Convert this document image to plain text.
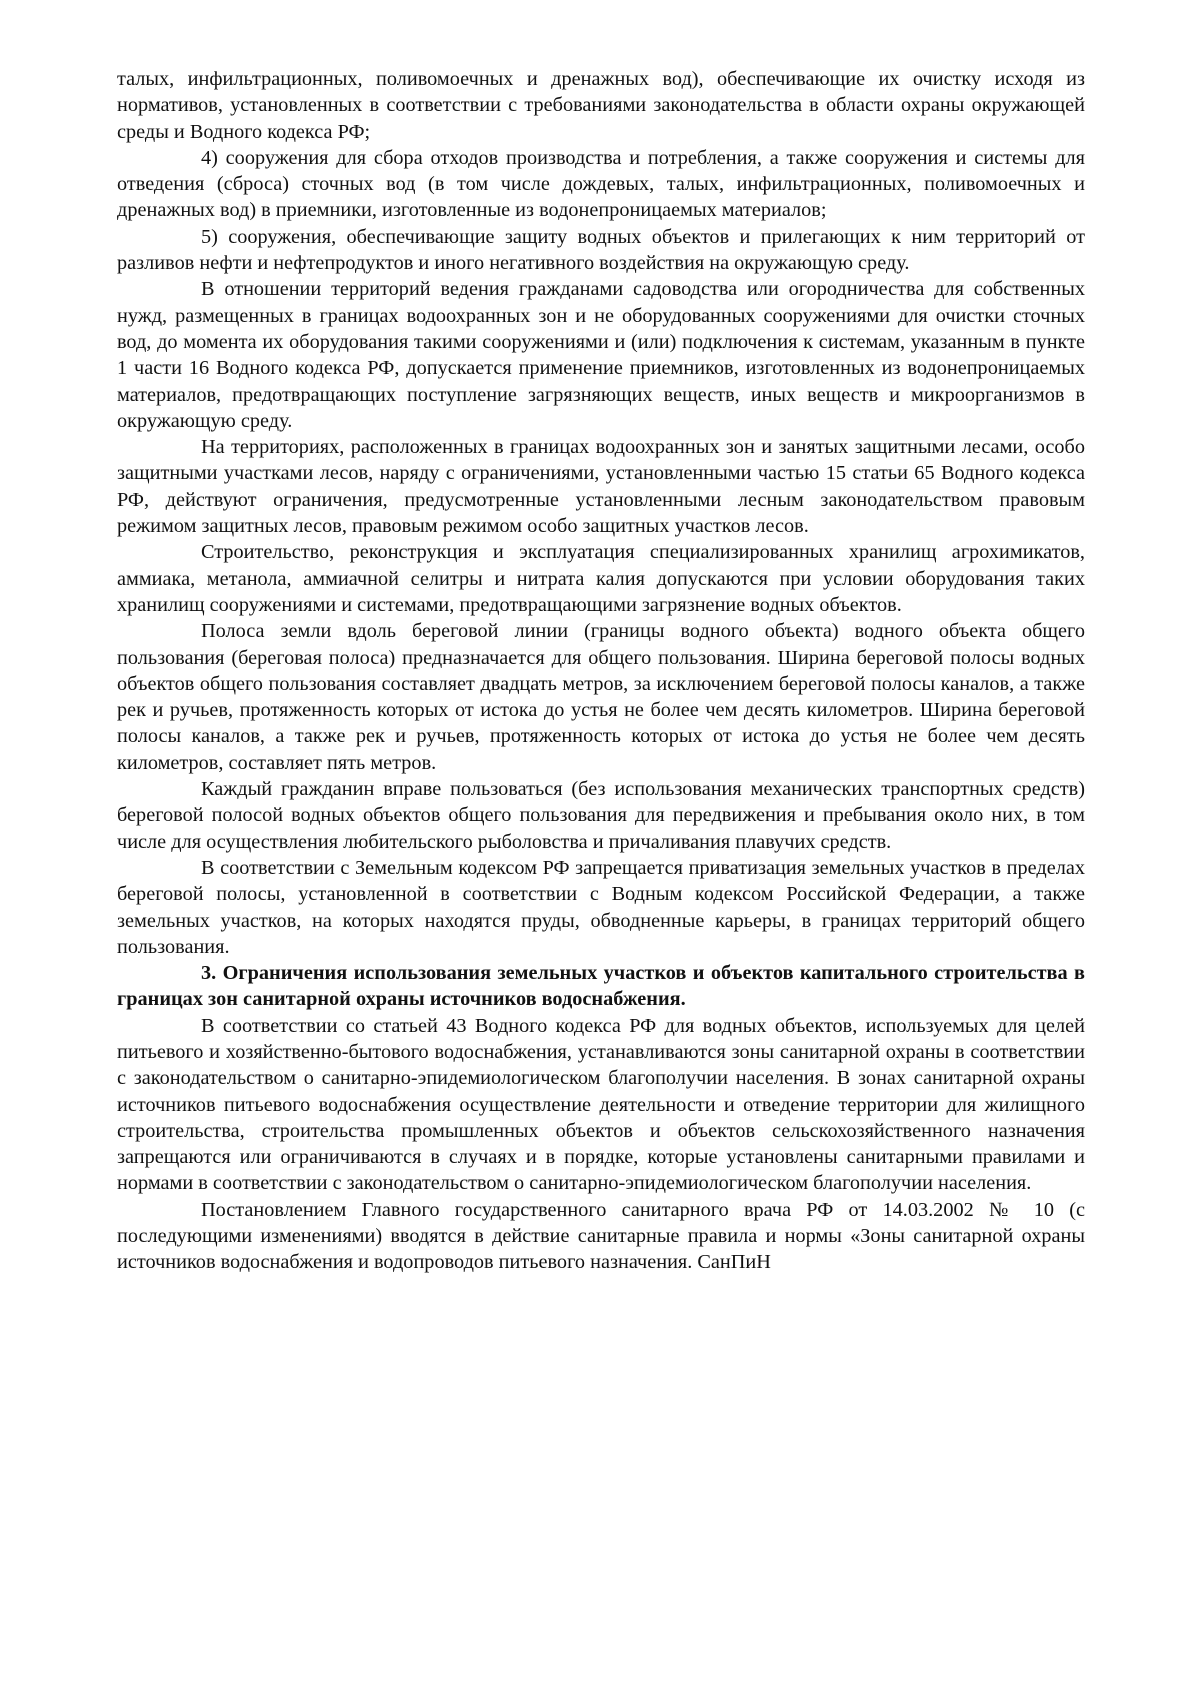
талых, инфильтрационных, поливомоечных и дренажных вод), обеспечивающие их очистку исходя из нормативов, установленных в соответствии с требованиями законодательства в области охраны окружающей среды и Водного кодекса РФ;

4) сооружения для сбора отходов производства и потребления, а также сооружения и системы для отведения (сброса) сточных вод (в том числе дождевых, талых, инфильтрационных, поливомоечных и дренажных вод) в приемники, изготовленные из водонепроницаемых материалов;

5) сооружения, обеспечивающие защиту водных объектов и прилегающих к ним территорий от разливов нефти и нефтепродуктов и иного негативного воздействия на окружающую среду.

В отношении территорий ведения гражданами садоводства или огородничества для собственных нужд, размещенных в границах водоохранных зон и не оборудованных сооружениями для очистки сточных вод, до момента их оборудования такими сооружениями и (или) подключения к системам, указанным в пункте 1 части 16 Водного кодекса РФ, допускается применение приемников, изготовленных из водонепроницаемых материалов, предотвращающих поступление загрязняющих веществ, иных веществ и микроорганизмов в окружающую среду.

На территориях, расположенных в границах водоохранных зон и занятых защитными лесами, особо защитными участками лесов, наряду с ограничениями, установленными частью 15 статьи 65 Водного кодекса РФ, действуют ограничения, предусмотренные установленными лесным законодательством правовым режимом защитных лесов, правовым режимом особо защитных участков лесов.

Строительство, реконструкция и эксплуатация специализированных хранилищ агрохимикатов, аммиака, метанола, аммиачной селитры и нитрата калия допускаются при условии оборудования таких хранилищ сооружениями и системами, предотвращающими загрязнение водных объектов.

Полоса земли вдоль береговой линии (границы водного объекта) водного объекта общего пользования (береговая полоса) предназначается для общего пользования. Ширина береговой полосы водных объектов общего пользования составляет двадцать метров, за исключением береговой полосы каналов, а также рек и ручьев, протяженность которых от истока до устья не более чем десять километров. Ширина береговой полосы каналов, а также рек и ручьев, протяженность которых от истока до устья не более чем десять километров, составляет пять метров.

Каждый гражданин вправе пользоваться (без использования механических транспортных средств) береговой полосой водных объектов общего пользования для передвижения и пребывания около них, в том числе для осуществления любительского рыболовства и причаливания плавучих средств.

В соответствии с Земельным кодексом РФ запрещается приватизация земельных участков в пределах береговой полосы, установленной в соответствии с Водным кодексом Российской Федерации, а также земельных участков, на которых находятся пруды, обводненные карьеры, в границах территорий общего пользования.

3. Ограничения использования земельных участков и объектов капитального строительства в границах зон санитарной охраны источников водоснабжения.

В соответствии со статьей 43 Водного кодекса РФ для водных объектов, используемых для целей питьевого и хозяйственно-бытового водоснабжения, устанавливаются зоны санитарной охраны в соответствии с законодательством о санитарно-эпидемиологическом благополучии населения. В зонах санитарной охраны источников питьевого водоснабжения осуществление деятельности и отведение территории для жилищного строительства, строительства промышленных объектов и объектов сельскохозяйственного назначения запрещаются или ограничиваются в случаях и в порядке, которые установлены санитарными правилами и нормами в соответствии с законодательством о санитарно-эпидемиологическом благополучии населения.

Постановлением Главного государственного санитарного врача РФ от 14.03.2002 № 10 (с последующими изменениями) вводятся в действие санитарные правила и нормы «Зоны санитарной охраны источников водоснабжения и водопроводов питьевого назначения. СанПиН
